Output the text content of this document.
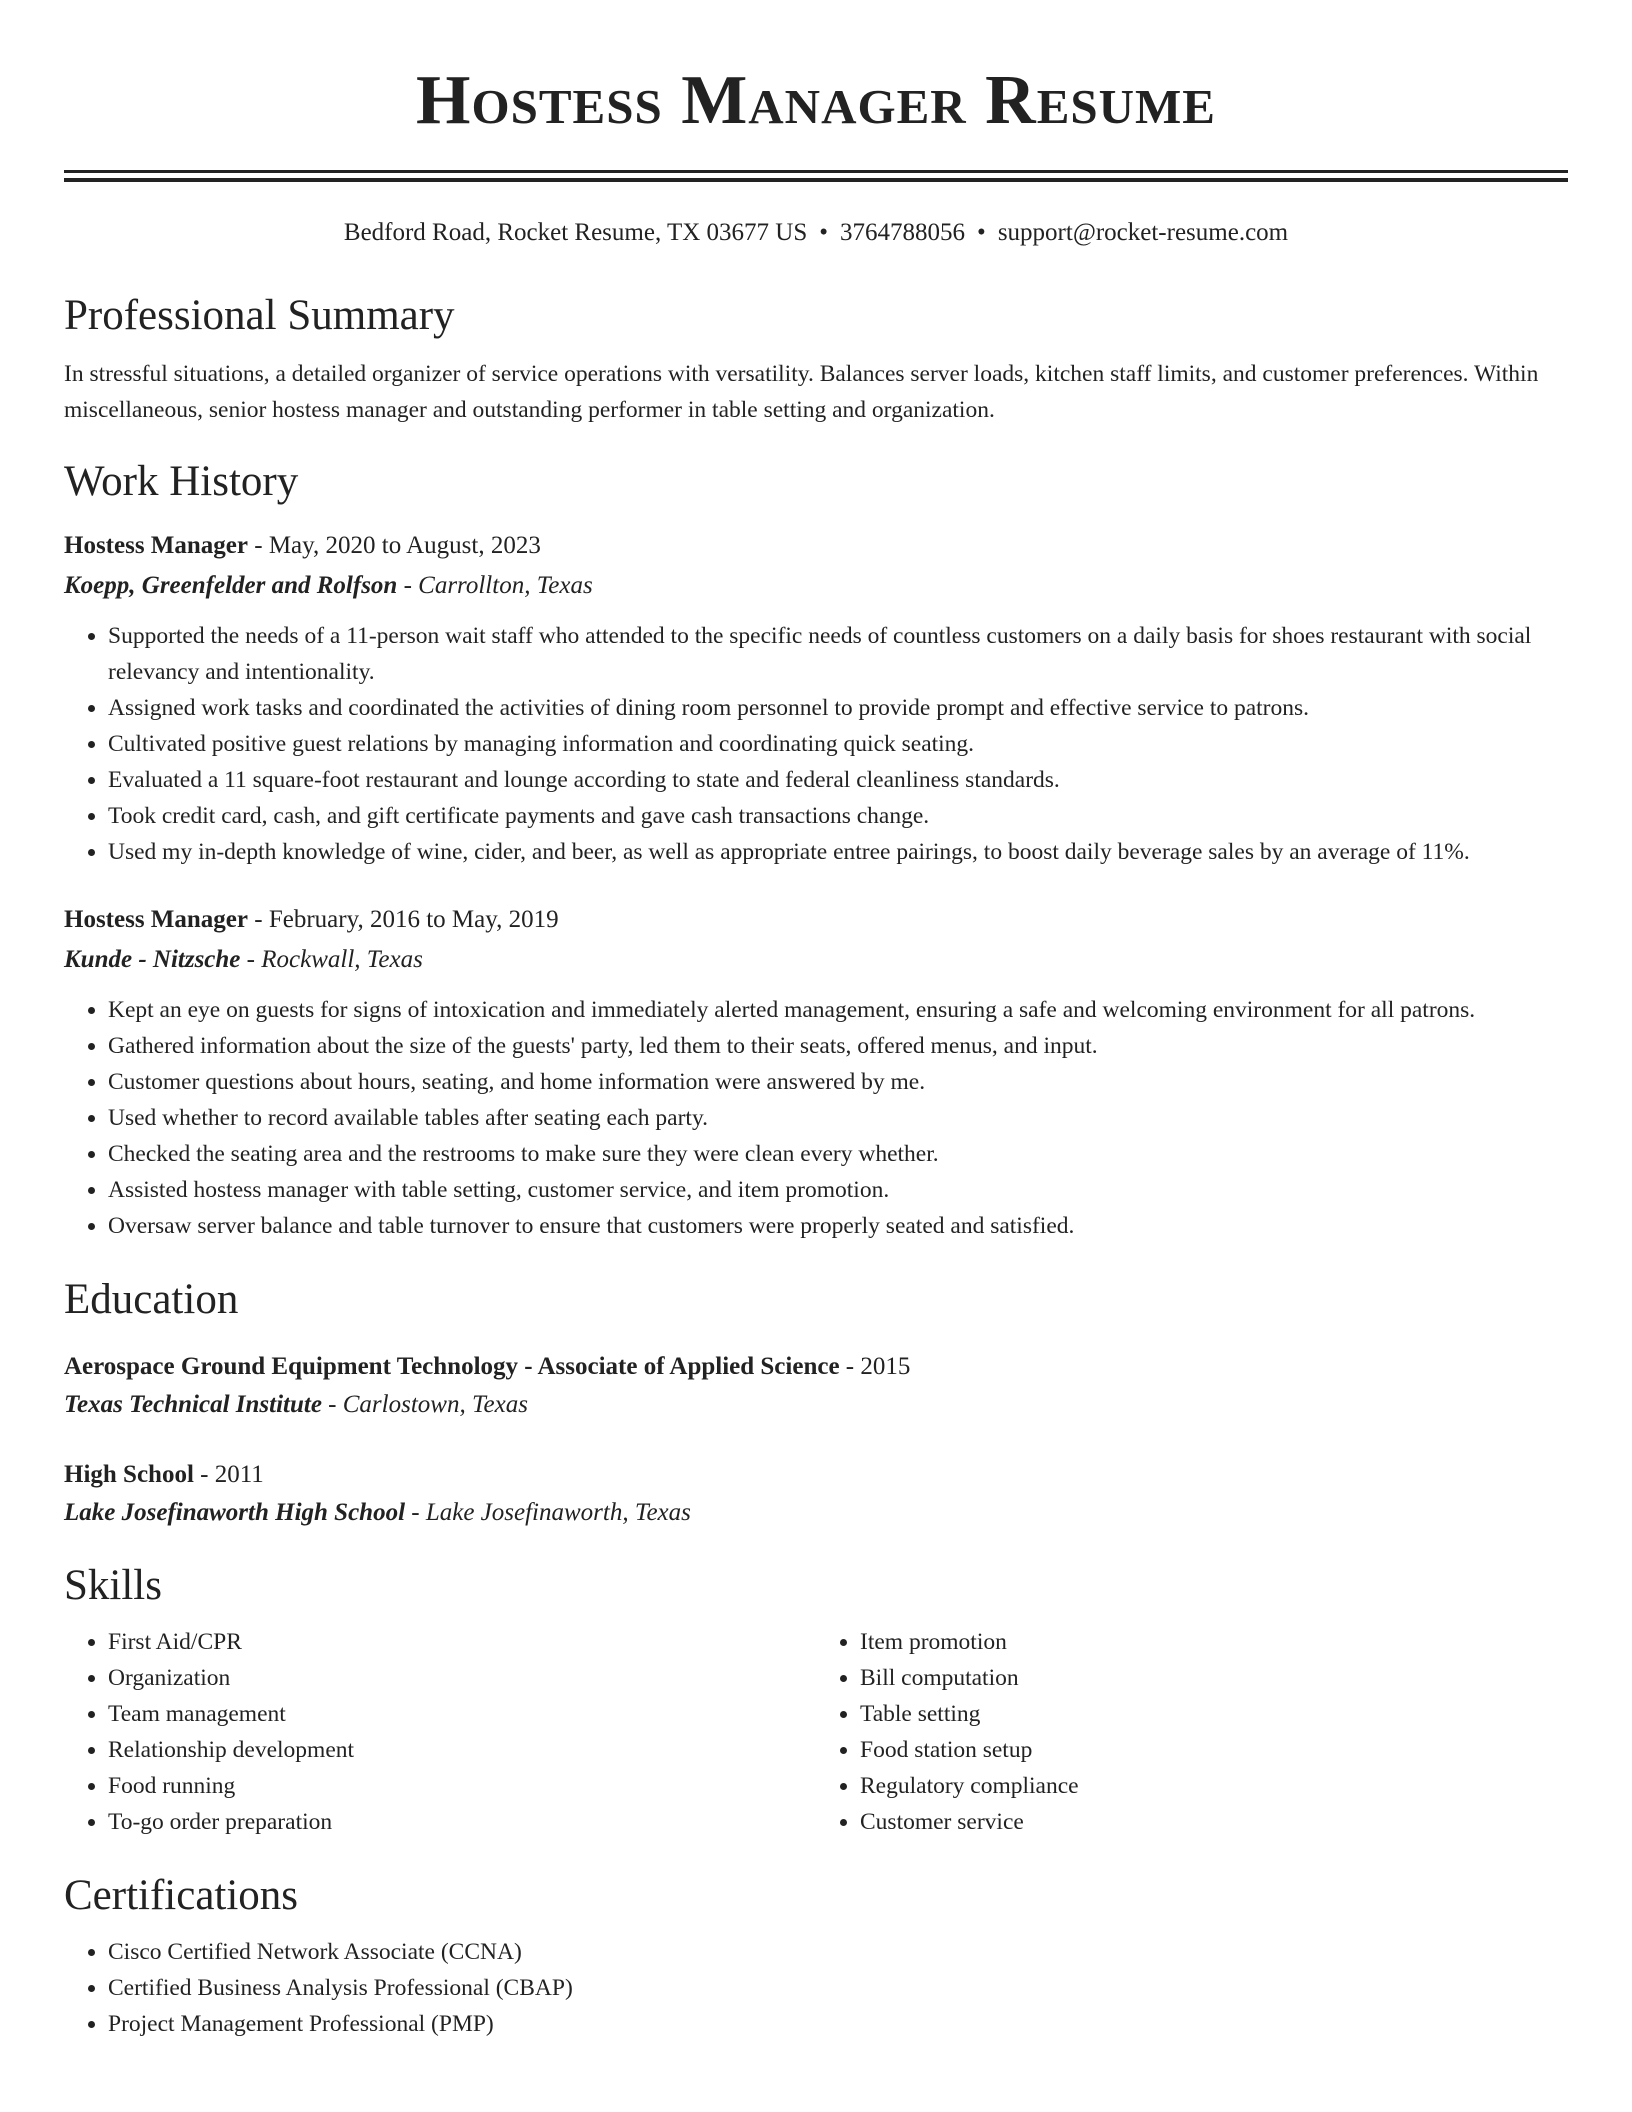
Hostess Manager Resume
Bedford Road, Rocket Resume, TX 03677 US • 3764788056 • support@rocket-resume.com
Professional Summary
In stressful situations, a detailed organizer of service operations with versatility. Balances server loads, kitchen staff limits, and customer preferences. Within miscellaneous, senior hostess manager and outstanding performer in table setting and organization.
Work History
Hostess Manager - May, 2020 to August, 2023
Koepp, Greenfelder and Rolfson - Carrollton, Texas
• Supported the needs of a 11-person wait staff who attended to the specific needs of countless customers on a daily basis for shoes restaurant with social relevancy and intentionality.
• Assigned work tasks and coordinated the activities of dining room personnel to provide prompt and effective service to patrons.
• Cultivated positive guest relations by managing information and coordinating quick seating.
• Evaluated a 11 square-foot restaurant and lounge according to state and federal cleanliness standards.
• Took credit card, cash, and gift certificate payments and gave cash transactions change.
• Used my in-depth knowledge of wine, cider, and beer, as well as appropriate entree pairings, to boost daily beverage sales by an average of 11%.
Hostess Manager - February, 2016 to May, 2019
Kunde - Nitzsche - Rockwall, Texas
• Kept an eye on guests for signs of intoxication and immediately alerted management, ensuring a safe and welcoming environment for all patrons.
• Gathered information about the size of the guests' party, led them to their seats, offered menus, and input.
• Customer questions about hours, seating, and home information were answered by me.
• Used whether to record available tables after seating each party.
• Checked the seating area and the restrooms to make sure they were clean every whether.
• Assisted hostess manager with table setting, customer service, and item promotion.
• Oversaw server balance and table turnover to ensure that customers were properly seated and satisfied.
Education
Aerospace Ground Equipment Technology - Associate of Applied Science - 2015
Texas Technical Institute - Carlostown, Texas
High School - 2011
Lake Josefinaworth High School - Lake Josefinaworth, Texas
Skills
• First Aid/CPR
• Organization
• Team management
• Relationship development
• Food running
• To-go order preparation
• Item promotion
• Bill computation
• Table setting
• Food station setup
• Regulatory compliance
• Customer service
Certifications
• Cisco Certified Network Associate (CCNA)
• Certified Business Analysis Professional (CBAP)
• Project Management Professional (PMP)
